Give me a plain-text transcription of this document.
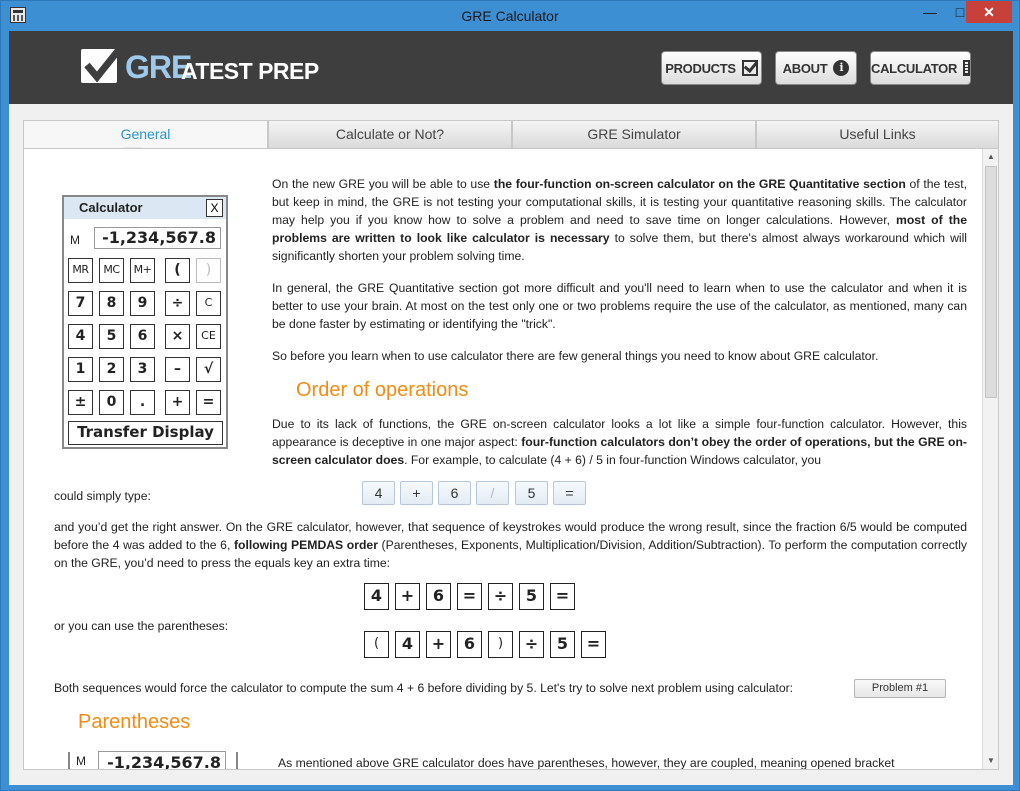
GRE Calculator	—	□	✕
GRE
ATEST PREP	PRODUCTS	ABOUT	i	CALCULATOR
General	Calculate or Not?	GRE Simulator	Useful Links
Calculator	X
M	-1,234,567.8
MR	MC	M+	(	)
7	8	9	÷	C
4	5	6	×	CE
1	2	3	–	√
±	0	.	+	=
Transfer Display
On the new GRE you will be able to use the four-function on-screen calculator on the GRE Quantitative section of the test, but keep in mind, the GRE is not testing your computational skills, it is testing your quantitative reasoning skills. The calculator may help you if you know how to solve a problem and need to save time on longer calculations. However, most of the problems are written to look like calculator is necessary to solve them, but there's almost always workaround which will significantly shorten your problem solving time.
In general, the GRE Quantitative section got more difficult and you'll need to learn when to use the calculator and when it is better to use your brain. At most on the test only one or two problems require the use of the calculator, as mentioned, many can be done faster by estimating or identifying the "trick".
So before you learn when to use calculator there are few general things you need to know about GRE calculator.
Order of operations
Due to its lack of functions, the GRE on-screen calculator looks a lot like a simple four-function calculator. However, this appearance is deceptive in one major aspect: four-function calculators don’t obey the order of operations, but the GRE on-screen calculator does. For example, to calculate (4 + 6) / 5 in four-function Windows calculator, you
could simply type:	4	+	6	/	5	=
and you’d get the right answer. On the GRE calculator, however, that sequence of keystrokes would produce the wrong result, since the fraction 6/5 would be computed before the 4 was added to the 6, following PEMDAS order (Parentheses, Exponents, Multiplication/Division, Addition/Subtraction). To perform the computation correctly on the GRE, you’d need to press the equals key an extra time:
4	+	6	=	÷	5	=
or you can use the parentheses:
(	4	+	6	)	÷	5	=
Both sequences would force the calculator to compute the sum 4 + 6 before dividing by 5. Let's try to solve next problem using calculator:	Problem #1
Parentheses
M	-1,234,567.8	As mentioned above GRE calculator does have parentheses, however, they are coupled, meaning opened bracket
▲
▼
